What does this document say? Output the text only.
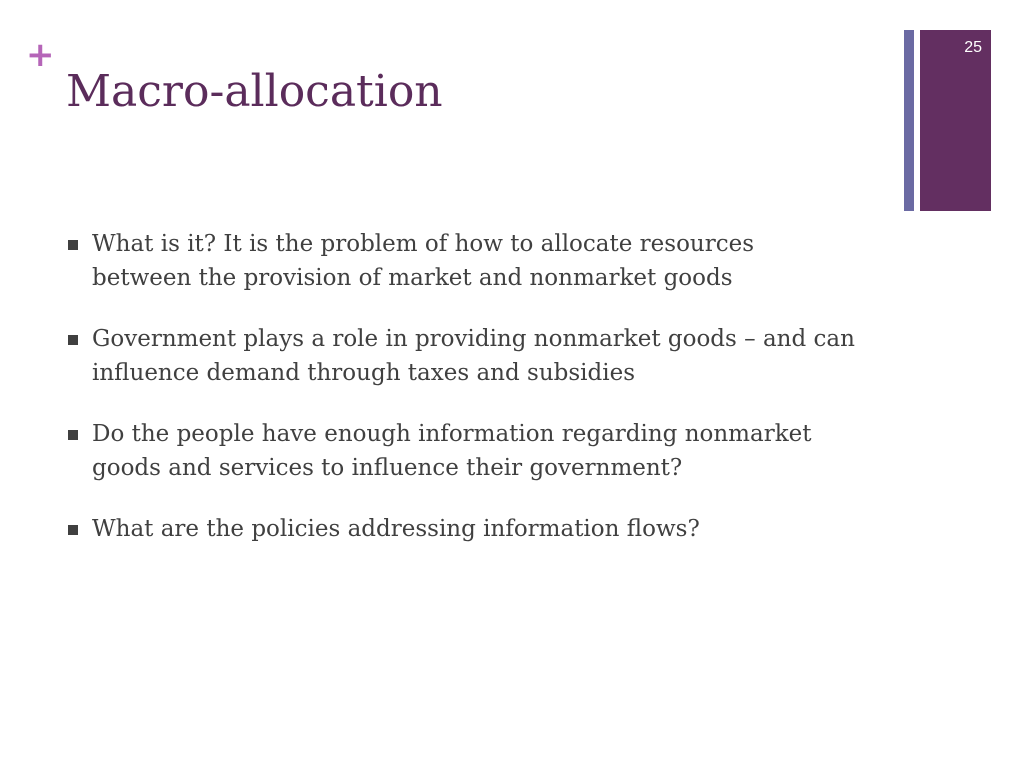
+
Macro-allocation
25
What is it? It is the problem of how to allocate resources between the provision of market and nonmarket goods
Government plays a role in providing nonmarket goods – and can influence demand through taxes and subsidies
Do the people have enough information regarding nonmarket goods and services to influence their government?
What are the policies addressing information flows?
